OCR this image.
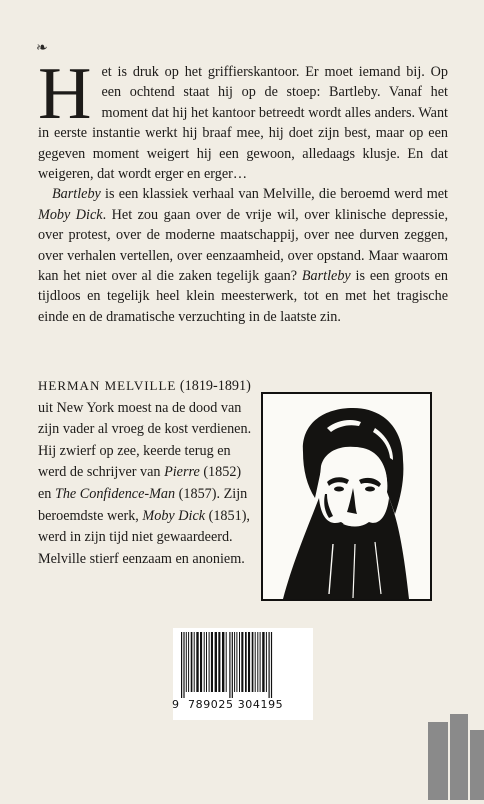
❧

Het is druk op het griffierskantoor. Er moet iemand bij. Op een ochtend staat hij op de stoep: Bartleby. Vanaf het moment dat hij het kantoor betreedt wordt alles anders. Want in eerste instantie werkt hij braaf mee, hij doet zijn best, maar op een gegeven moment weigert hij een gewoon, alledaags klusje. En dat weigeren, dat wordt erger en erger…

Bartleby is een klassiek verhaal van Melville, die beroemd werd met Moby Dick. Het zou gaan over de vrije wil, over klinische depressie, over protest, over de moderne maatschappij, over nee durven zeggen, over verhalen vertellen, over eenzaamheid, over opstand. Maar waarom kan het niet over al die zaken tegelijk gaan? Bartleby is een groots en tijdloos en tegelijk heel klein meesterwerk, tot en met het tragische einde en de dramatische verzuchting in de laatste zin.

HERMAN MELVILLE (1819-1891) uit New York moest na de dood van zijn vader al vroeg de kost verdienen. Hij zwierf op zee, keerde terug en werd de schrijver van Pierre (1852) en The Confidence-Man (1857). Zijn beroemdste werk, Moby Dick (1851), werd in zijn tijd niet gewaardeerd. Melville stierf eenzaam en anoniem.
9 789025 304195
